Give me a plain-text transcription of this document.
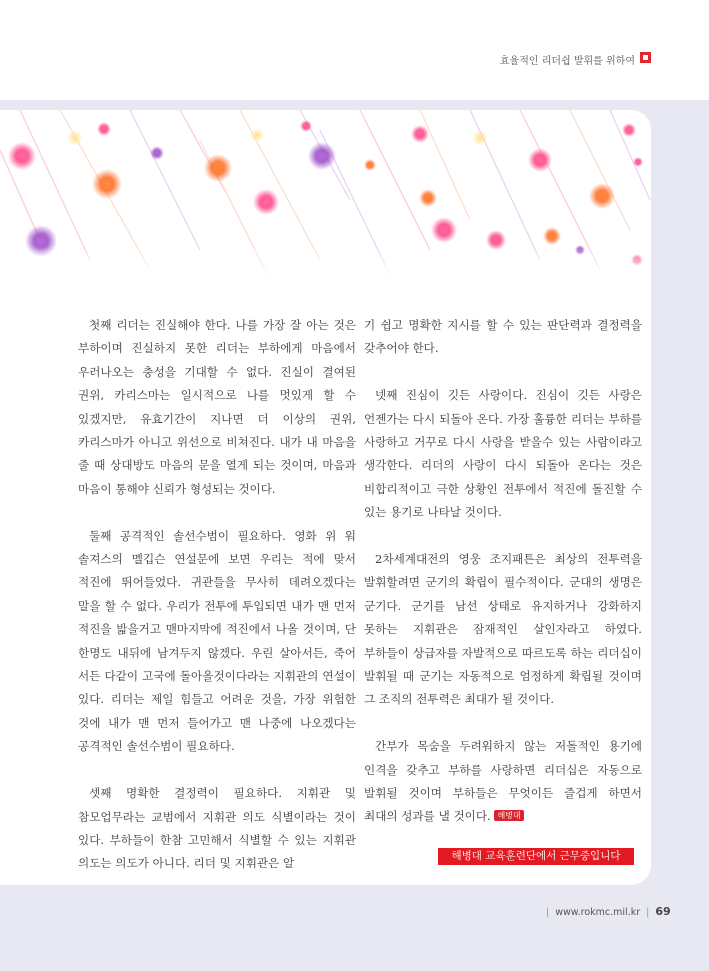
효율적인 리더쉽 발휘를 위하여

첫째 리더는 진실해야 한다. 나를 가장 잘 아는 것은 부하이며 진실하지 못한 리더는 부하에게 마음에서 우러나오는 충성을 기대할 수 없다. 진실이 결여된 권위, 카리스마는 일시적으로 나를 멋있게 할 수 있겠지만, 유효기간이 지나면 더 이상의 권위, 카리스마가 아니고 위선으로 비쳐진다. 내가 내 마음을 줄 때 상대방도 마음의 문을 열게 되는 것이며, 마음과 마음이 통해야 신뢰가 형성되는 것이다.

둘째 공격적인 솔선수범이 필요하다. 영화 위 워 솔져스의 멜깁슨 연설문에 보면 우리는 적에 맞서 적진에 뛰어들었다. 귀관들을 무사히 데려오겠다는 말을 할 수 없다. 우리가 전투에 투입되면 내가 맨 먼저 적진을 밟을거고 맨마지막에 적진에서 나올 것이며, 단 한명도 내뒤에 남겨두지 않겠다. 우린 살아서든, 죽어 서든 다같이 고국에 돌아올것이다라는 지휘관의 연설이 있다. 리더는 제일 힘들고 어려운 것을, 가장 위험한 것에 내가 맨 먼저 들어가고 맨 나중에 나오겠다는 공격적인 솔선수범이 필요하다.

셋째 명확한 결정력이 필요하다. 지휘관 및 참모업무라는 교범에서 지휘관 의도 식별이라는 것이 있다. 부하들이 한참 고민해서 식별할 수 있는 지휘관 의도는 의도가 아니다. 리더 및 지휘관은 알

기 쉽고 명확한 지시를 할 수 있는 판단력과 결정력을 갖추어야 한다.

넷째 진심이 깃든 사랑이다. 진심이 깃든 사랑은 언젠가는 다시 되돌아 온다. 가장 훌륭한 리더는 부하를 사랑하고 거꾸로 다시 사랑을 받을수 있는 사람이라고 생각한다. 리더의 사랑이 다시 되돌아 온다는 것은 비합리적이고 극한 상황인 전투에서 적진에 돌진할 수 있는 용기로 나타날 것이다.

2차세계대전의 영웅 조지패튼은 최상의 전투력을 발휘할려면 군기의 확립이 필수적이다. 군대의 생명은 군기다. 군기를 남선 상태로 유지하거나 강화하지 못하는 지휘관은 잠재적인 살인자라고 하였다. 부하들이 상급자를 자발적으로 따르도록 하는 리더십이 발휘될 때 군기는 자동적으로 엄정하게 확립될 것이며 그 조직의 전투력은 최대가 될 것이다.

간부가 목숨을 두려워하지 않는 저돌적인 용기에 인격을 갖추고 부하를 사랑하면 리더십은 자동으로 발휘될 것이며 부하들은 무엇이든 즐겁게 하면서 최대의 성과를 낼 것이다. 해병대

해병대 교육훈련단에서 근무중입니다
| www.rokmc.mil.kr | 69
